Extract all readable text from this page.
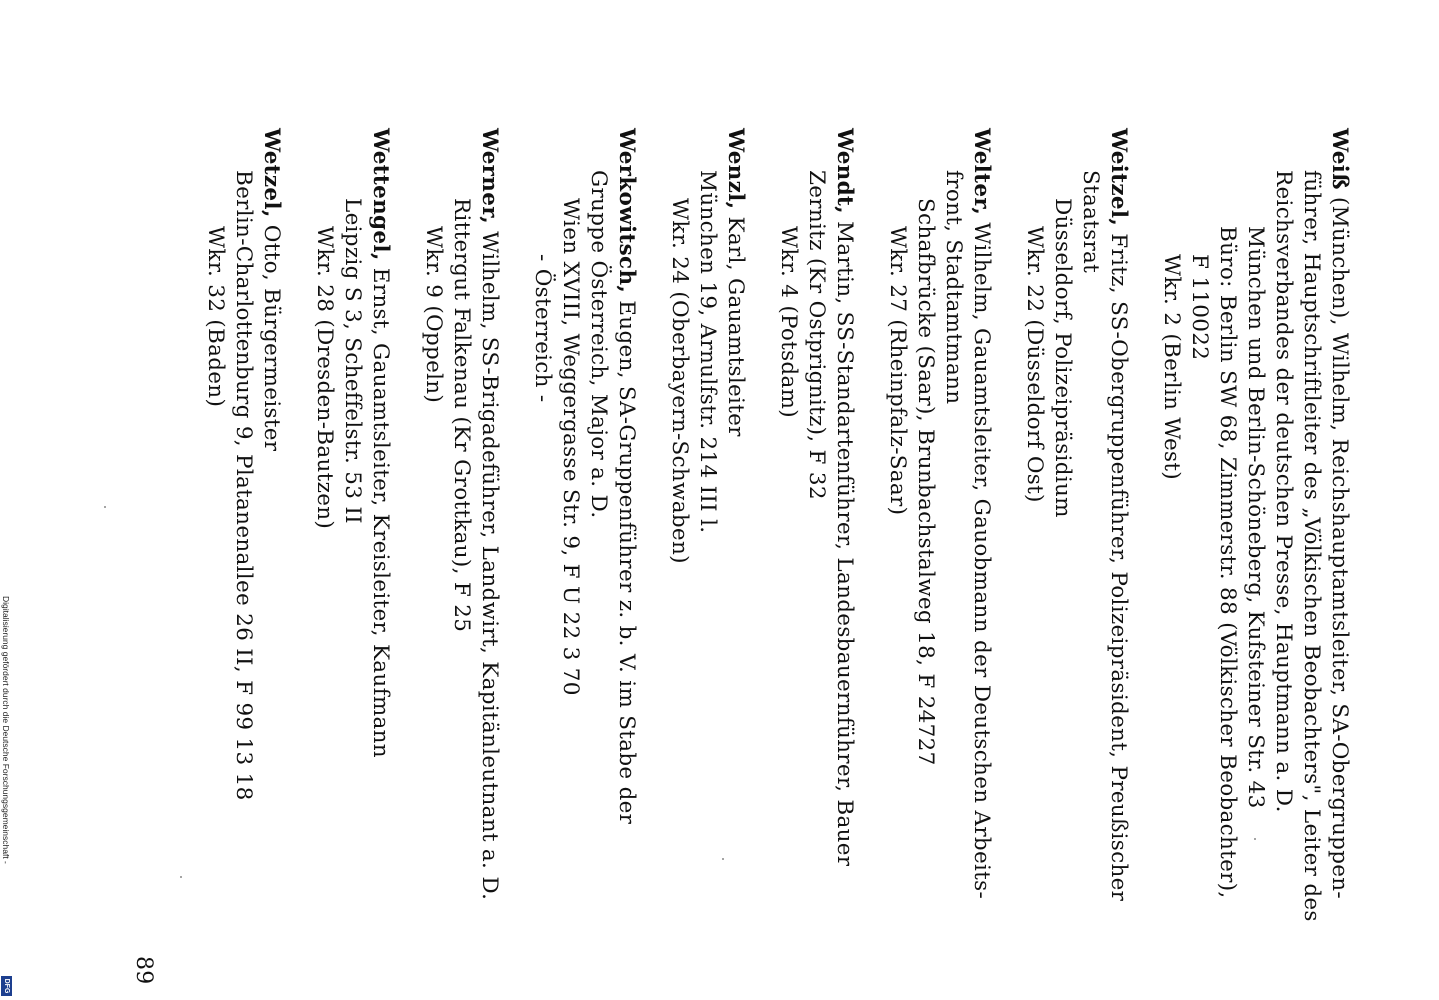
Weiß (München), Wilhelm, Reichshauptamtsleiter, SA-Obergruppen-
führer, Hauptschriftleiter des „Völkischen Beobachters", Leiter des
Reichsverbandes der deutschen Presse, Hauptmann a. D.
München und Berlin-Schöneberg, Kufsteiner Str. 43
Büro: Berlin SW 68, Zimmerstr. 88 (Völkischer Beobachter),
F 110022
Wkr. 2 (Berlin West)
Weitzel, Fritz, SS-Obergruppenführer, Polizeipräsident, Preußischer
Staatsrat
Düsseldorf, Polizeipräsidium
Wkr. 22 (Düsseldorf Ost)
Welter, Wilhelm, Gauamtsleiter, Gauobmann der Deutschen Arbeits-
front, Stadtamtmann
Schafbrücke (Saar), Brunbachstalweg 18, F 24727
Wkr. 27 (Rheinpfalz-Saar)
Wendt, Martin, SS-Standartenführer, Landesbauernführer, Bauer
Zernitz (Kr Ostprignitz), F 32
Wkr. 4 (Potsdam)
Wenzl, Karl, Gauamtsleiter
München 19, Arnulfstr. 214 III l.
Wkr. 24 (Oberbayern-Schwaben)
Werkowitsch, Eugen, SA-Gruppenführer z. b. V. im Stabe der
Gruppe Österreich, Major a. D.
Wien XVIII, Weggergasse Str. 9, F U 22 3 70
- Österreich -
Werner, Wilhelm, SS-Brigadeführer, Landwirt, Kapitänleutnant a. D.
Rittergut Falkenau (Kr Grottkau), F 25
Wkr. 9 (Oppeln)
Wettengel, Ernst, Gauamtsleiter, Kreisleiter, Kaufmann
Leipzig S 3, Scheffelstr. 53 II
Wkr. 28 (Dresden-Bautzen)
Wetzel, Otto, Bürgermeister
Berlin-Charlottenburg 9, Platanenallee 26 II, F 99 13 18
Wkr. 32 (Baden)
89
Digitalisierung gefördert durch die Deutsche Forschungsgemeinschaft -
DFG
